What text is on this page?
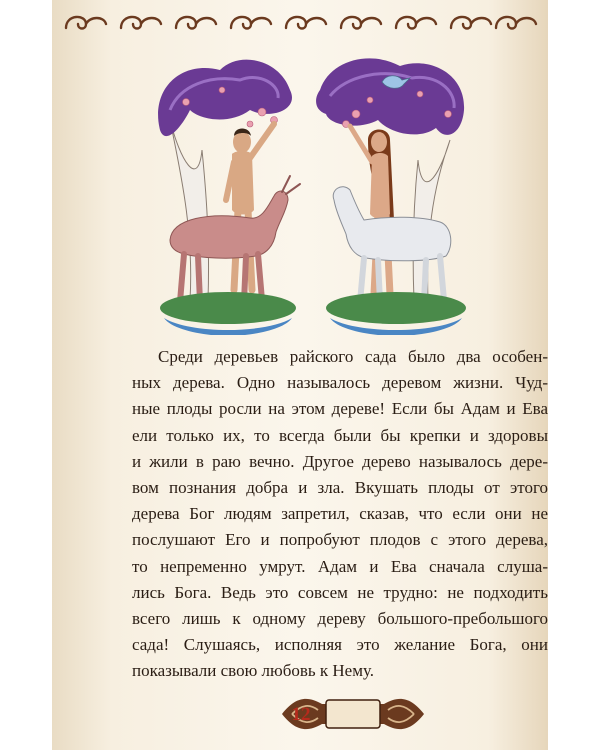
Среди деревьев райского сада было два особен-
ных дерева. Одно называлось деревом жизни. Чуд-
ные плоды росли на этом дереве! Если бы Адам и Ева
ели только их, то всегда были бы крепки и здоровы
и жили в раю вечно. Другое дерево называлось дере-
вом познания добра и зла. Вкушать плоды от этого
дерева Бог людям запретил, сказав, что если они не
послушают Его и попробуют плодов с этого дерева,
то непременно умрут. Адам и Ева сначала слуша-
лись Бога. Ведь это совсем не трудно: не подходить
всего лишь к одному дереву большого-пребольшого
сада! Слушаясь, исполняя это желание Бога, они
показывали свою любовь к Нему.
12
